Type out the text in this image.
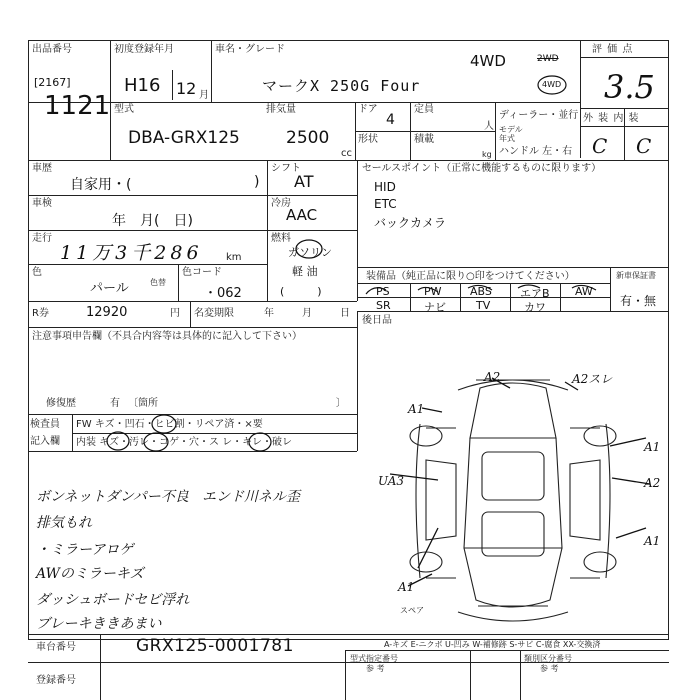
出品番号
[2167]
1121
初度登録年月
H16 12 月
車名・グレード
4WD	2WD
4WD
マークX 250G Four
評 価 点
3.5
外 装 内 装
C C
型式
DBA-GRX125
排気量
2500
cc
ドア
4
形状
定員
人
積載
kg
ディーラー・並行
モデル年式
ハンドル 左・右
車歴
自家用・(	)
車検
年　月(　日)
走行
11万3千286 km
色
パール	色替
色コード
・062
シフト
AT
冷房
AAC
燃料
ガソリン
軽 油
(　　　)
セールスポイント（正常に機能するものに限ります）
HID
ETC
バックカメラ
装備品（純正品に限り○印をつけてください）
PS	PW	ABS	エアB AW
SR	ナビ	TV	カワ
新車保証書
有・無
R券	12920	円 名変期限	年	月	日
後日品
注意事項申告欄（不具合内容等は具体的に記入して下さい）
修復歴	有 〔箇所	〕
検査員
記入欄
FW キズ・凹石・ヒビ割・リペア済・×要
内装 キズ・汚レ・コゲ・穴・ス レ・キレ・破レ
ボンネットダンパー不良 エンド川ネル歪
排気もれ
・ミラーアロゲ
AWのミラーキズ
ダッシュボードセビ浮れ
ブレーキききあまい
A2	A2スレ
A1
UA3
A1
A2
A1
A1
スペア
車台番号	GRX125-0001781	A-キズ E-ニクボ U-凹み W-補修跡 S-サビ C-腐食 XX-交換済
登録番号
型式指定番号
参 考
類別区分番号
参 考
